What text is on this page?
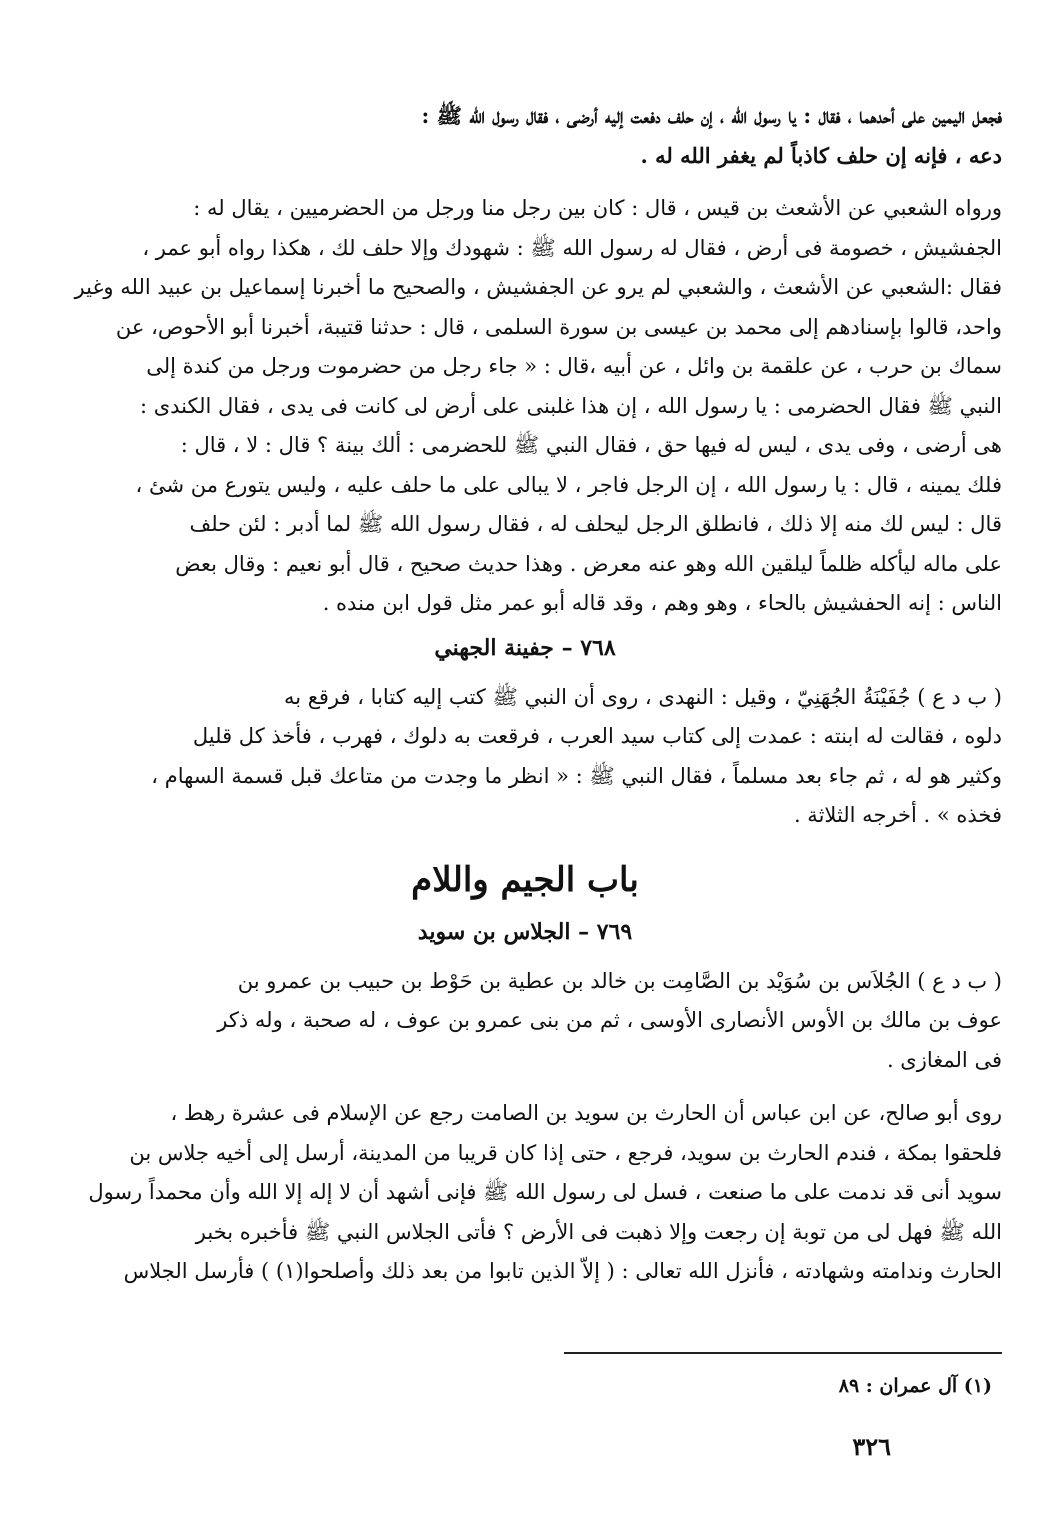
فجعل اليمين على أحدهما ، فقال : يا رسول الله ، إن حلف دفعت إليه أرضى ، فقال رسول الله ﷺ :

دعه ، فإنه إن حلف كاذباً لم يغفر الله له .

ورواه الشعبي عن الأشعث بن قيس ، قال : كان بين رجل منا ورجل من الحضرميين ، يقال له :

الجفشيش ، خصومة فى أرض ، فقال له رسول الله ﷺ : شهودك وإلا حلف لك ، هكذا رواه أبو عمر ،

فقال :الشعبي عن الأشعث ، والشعبي لم يرو عن الجفشيش ، والصحيح ما أخبرنا إسماعيل بن عبيد الله وغير

واحد، قالوا بإسنادهم إلى محمد بن عيسى بن سورة السلمى ، قال : حدثنا قتيبة، أخبرنا أبو الأحوص، عن

سماك بن حرب ، عن علقمة بن وائل ، عن أبيه ،قال : « جاء رجل من حضرموت ورجل من كندة إلى

النبي ﷺ فقال الحضرمى : يا رسول الله ، إن هذا غلبنى على أرض لى كانت فى يدى ، فقال الكندى :

هى أرضى ، وفى يدى ، ليس له فيها حق ، فقال النبي ﷺ للحضرمى : ألك بينة ؟ قال : لا ، قال :

فلك يمينه ، قال : يا رسول الله ، إن الرجل فاجر ، لا يبالى على ما حلف عليه ، وليس يتورع من شئ ،

قال : ليس لك منه إلا ذلك ، فانطلق الرجل ليحلف له ، فقال رسول الله ﷺ لما أدبر : لئن حلف

على ماله ليأكله ظلماً ليلقين الله وهو عنه معرض . وهذا حديث صحيح ، قال أبو نعيم : وقال بعض

الناس : إنه الحفشيش بالحاء ، وهو وهم ، وقد قاله أبو عمر مثل قول ابن منده .

٧٦٨ – جفينة الجهني

( ب د ع ) جُفَيْنَةُ الجُهَنِيّ ، وقيل : النهدى ، روى أن النبي ﷺ كتب إليه كتابا ، فرقع به

دلوه ، فقالت له ابنته : عمدت إلى كتاب سيد العرب ، فرقعت به دلوك ، فهرب ، فأخذ كل قليل

وكثير هو له ، ثم جاء بعد مسلماً ، فقال النبي ﷺ : « انظر ما وجدت من متاعك قبل قسمة السهام ،

فخذه » . أخرجه الثلاثة .

باب الجيم واللام
٧٦٩ – الجلاس بن سويد

( ب د ع ) الجُلاَس بن سُوَيْد بن الصَّامِت بن خالد بن عطية بن حَوْط بن حبيب بن عمرو بن

عوف بن مالك بن الأوس الأنصارى الأوسى ، ثم من بنى عمرو بن عوف ، له صحبة ، وله ذكر

فى المغازى .

روى أبو صالح، عن ابن عباس أن الحارث بن سويد بن الصامت رجع عن الإسلام فى عشرة رهط ،

فلحقوا بمكة ، فندم الحارث بن سويد، فرجع ، حتى إذا كان قريبا من المدينة، أرسل إلى أخيه جلاس بن

سويد أنى قد ندمت على ما صنعت ، فسل لى رسول الله ﷺ فإنى أشهد أن لا إله إلا الله وأن محمداً رسول

الله ﷺ فهل لى من توبة إن رجعت وإلا ذهبت فى الأرض ؟ فأتى الجلاس النبي ﷺ فأخبره بخبر

الحارث وندامته وشهادته ، فأنزل الله تعالى : ( إلاّ الذين تابوا من بعد ذلك وأصلحوا(١) ) فأرسل الجلاس

(١) آل عمران : ٨٩
٣٢٦
